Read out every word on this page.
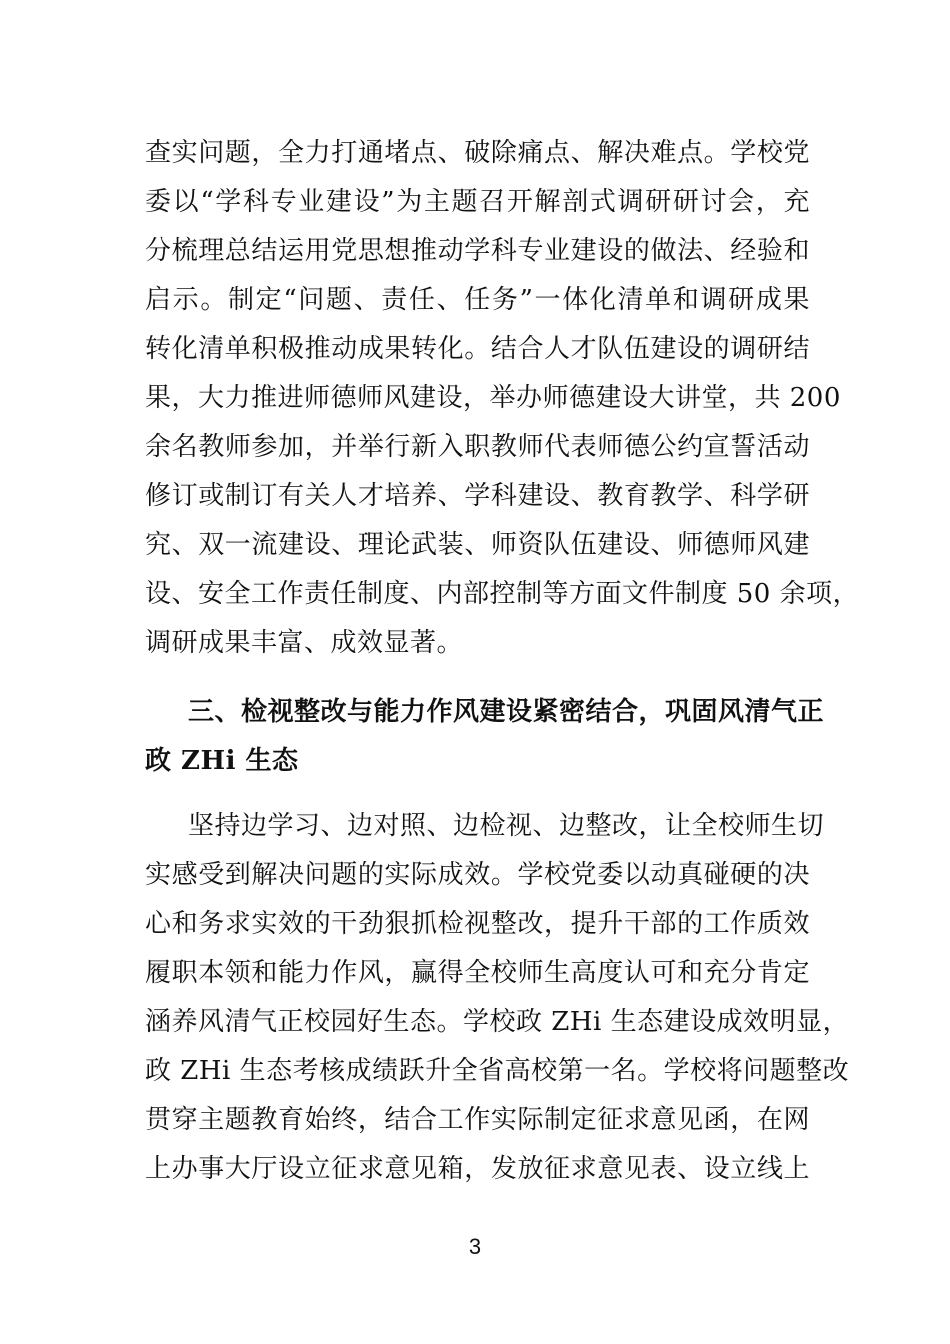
查实问题，全力打通堵点、破除痛点、解决难点。学校党
委以“学科专业建设”为主题召开解剖式调研研讨会，充
分梳理总结运用党思想推动学科专业建设的做法、经验和
启示。制定“问题、责任、任务”一体化清单和调研成果
转化清单积极推动成果转化。结合人才队伍建设的调研结
果，大力推进师德师风建设，举办师德建设大讲堂，共 200
余名教师参加，并举行新入职教师代表师德公约宣誓活动
修订或制订有关人才培养、学科建设、教育教学、科学研
究、双一流建设、理论武装、师资队伍建设、师德师风建
设、安全工作责任制度、内部控制等方面文件制度 50 余项，
调研成果丰富、成效显著。
三、检视整改与能力作风建设紧密结合，巩固风清气正
政 ZHi 生态
坚持边学习、边对照、边检视、边整改，让全校师生切
实感受到解决问题的实际成效。学校党委以动真碰硬的决
心和务求实效的干劲狠抓检视整改，提升干部的工作质效
履职本领和能力作风，赢得全校师生高度认可和充分肯定
涵养风清气正校园好生态。学校政 ZHi 生态建设成效明显，
政 ZHi 生态考核成绩跃升全省高校第一名。学校将问题整改
贯穿主题教育始终，结合工作实际制定征求意见函，在网
上办事大厅设立征求意见箱，发放征求意见表、设立线上
3
